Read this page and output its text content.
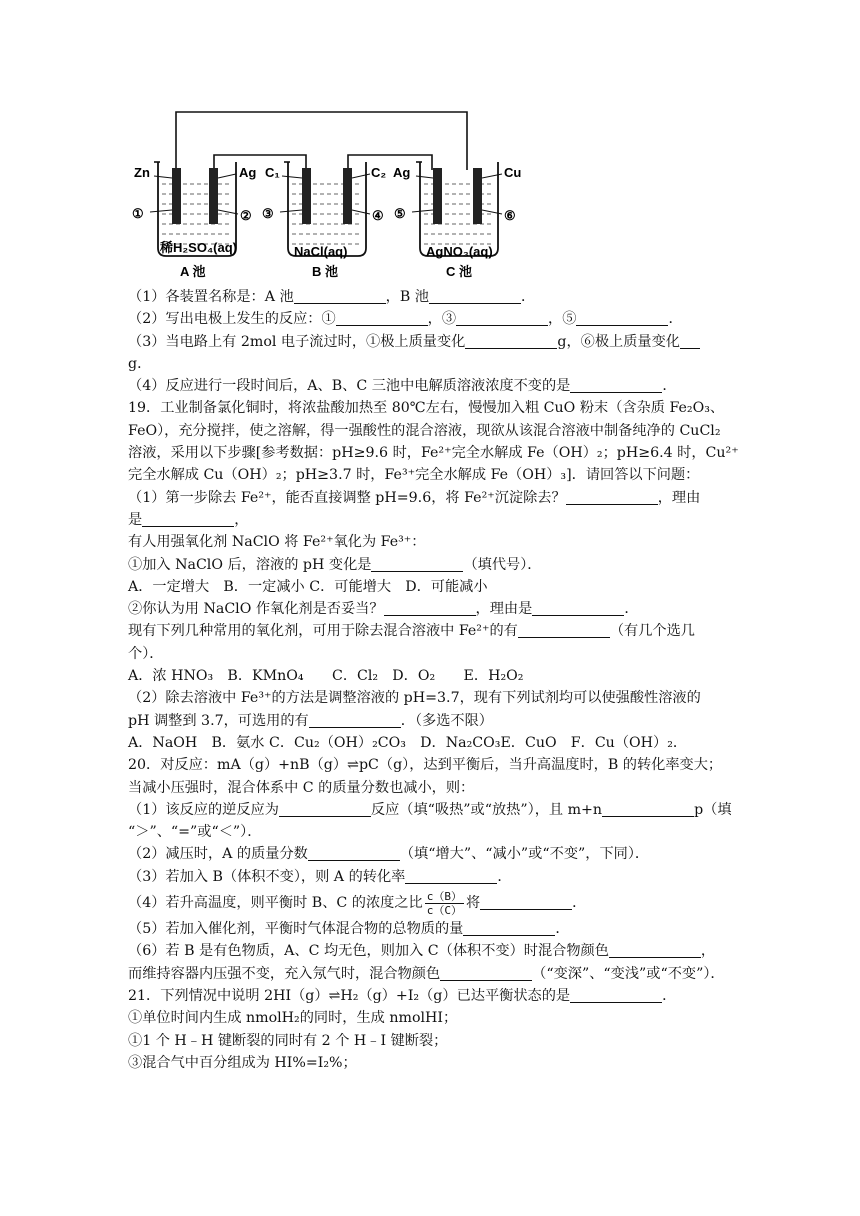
Zn	Ag C₁	C₂ Ag	Cu
①	② ③	④ ⑤	⑥
稀H₂SO₄(aq)	NaCl(aq)	AgNO₃(aq)
A 池	B 池	C 池
（1）各装置名称是：A 池	，B 池	．
（2）写出电极上发生的反应：①	，③	，⑤	．
（3）当电路上有 2mol 电子流过时，①极上质量变化	g，⑥极上质量变化
g．
（4）反应进行一段时间后，A、B、C 三池中电解质溶液浓度不变的是	．
19．工业制备氯化铜时，将浓盐酸加热至 80℃左右，慢慢加入粗 CuO 粉末（含杂质 Fe₂O₃、
FeO），充分搅拌，使之溶解，得一强酸性的混合溶液，现欲从该混合溶液中制备纯净的 CuCl₂
溶液，采用以下步骤[参考数据：pH≥9.6 时，Fe²⁺完全水解成 Fe（OH）₂；pH≥6.4 时，Cu²⁺
完全水解成 Cu（OH）₂；pH≥3.7 时，Fe³⁺完全水解成 Fe（OH）₃]．请回答以下问题：
（1）第一步除去 Fe²⁺，能否直接调整 pH=9.6，将 Fe²⁺沉淀除去？	，理由
是	，
有人用强氧化剂 NaClO 将 Fe²⁺氧化为 Fe³⁺：
①加入 NaClO 后，溶液的 pH 变化是	（填代号）．
A．一定增大　B．一定减小 C．可能增大　D．可能减小
②你认为用 NaClO 作氧化剂是否妥当？	，理由是	．
现有下列几种常用的氧化剂，可用于除去混合溶液中 Fe²⁺的有	（有几个选几
个）．
A．浓 HNO₃　B．KMnO₄　　C．Cl₂　D．O₂　　E．H₂O₂
（2）除去溶液中 Fe³⁺的方法是调整溶液的 pH=3.7，现有下列试剂均可以使强酸性溶液的
pH 调整到 3.7，可选用的有	．（多选不限）
A．NaOH　B．氨水 C．Cu₂（OH）₂CO₃　D．Na₂CO₃E．CuO　F．Cu（OH）₂．
20．对反应：mA（g）+nB（g）⇌pC（g），达到平衡后，当升高温度时，B 的转化率变大；
当减小压强时，混合体系中 C 的质量分数也减小，则：
（1）该反应的逆反应为	反应（填“吸热”或“放热”），且 m+n	p（填
“＞”、“=”或“＜”）．
（2）减压时，A 的质量分数	（填“增大”、“减小”或“不变”，下同）．
（3）若加入 B（体积不变），则 A 的转化率	．
（4）若升高温度，则平衡时 B、C 的浓度之比 $\frac{c(B)}{c(C)}$ 将	．
（5）若加入催化剂，平衡时气体混合物的总物质的量	．
（6）若 B 是有色物质，A、C 均无色，则加入 C（体积不变）时混合物颜色	，
而维持容器内压强不变，充入氖气时，混合物颜色	（“变深”、“变浅”或“不变”）．
21．下列情况中说明 2HI（g）⇌H₂（g）+I₂（g）已达平衡状态的是	．
①单位时间内生成 nmolH₂的同时，生成 nmolHI；
①1 个 H﹣H 键断裂的同时有 2 个 H﹣I 键断裂；
③混合气中百分组成为 HI%=I₂%；
